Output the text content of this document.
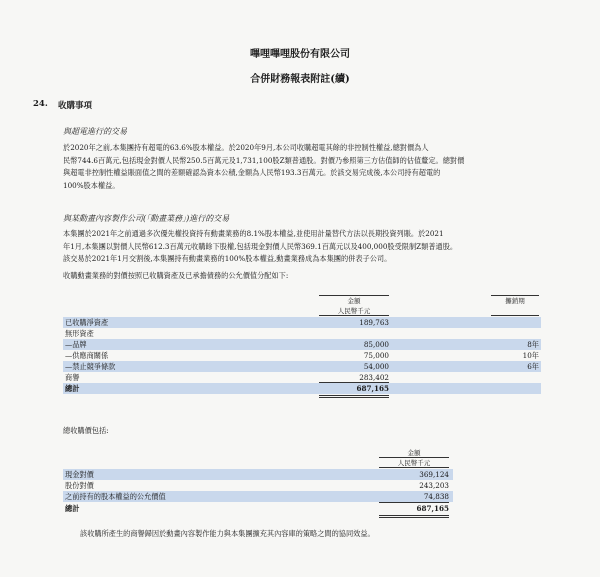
嗶哩嗶哩股份有限公司
合併財務報表附註(續)
24. 收購事項
與超電進行的交易

於2020年之前,本集團持有超電的63.6%股本權益。於2020年9月,本公司收購超電其餘的非控制性權益,總對價為人

民幣744.6百萬元,包括現金對價人民幣250.5百萬元及1,731,100股Z類普通股。對價乃參照第三方估值師的估值釐定。總對價

與超電非控制性權益賬面值之間的差額確認為資本公積,金額為人民幣193.3百萬元。於該交易完成後,本公司持有超電的

100%股本權益。

與某動畫內容製作公司(「動畫業務」)進行的交易

本集團於2021年之前通過多次優先權投資持有動畫業務的8.1%股本權益,並使用計量替代方法以長期投資列賬。於2021

年1月,本集團以對價人民幣612.3百萬元收購餘下股權,包括現金對價人民幣369.1百萬元以及400,000股受限制Z類普通股。

該交易於2021年1月交割後,本集團持有動畫業務的100%股本權益,動畫業務成為本集團的併表子公司。

收購動畫業務的對價按照已收購資產及已承擔債務的公允價值分配如下:

金額	攤銷期
人民幣千元
已收購淨資產	189,763
無形資產
—品牌	85,000	8年
—供應商關係	75,000	10年
—禁止競爭條款	54,000	6年
商譽	283,402
總計	687,165

總收購價包括:

金額
人民幣千元
現金對價	369,124
股份對價	243,203
之前持有的股本權益的公允價值	74,838
總計	687,165

該收購所產生的商譽歸因於動畫內容製作能力與本集團擴充其內容庫的策略之間的協同效益。
